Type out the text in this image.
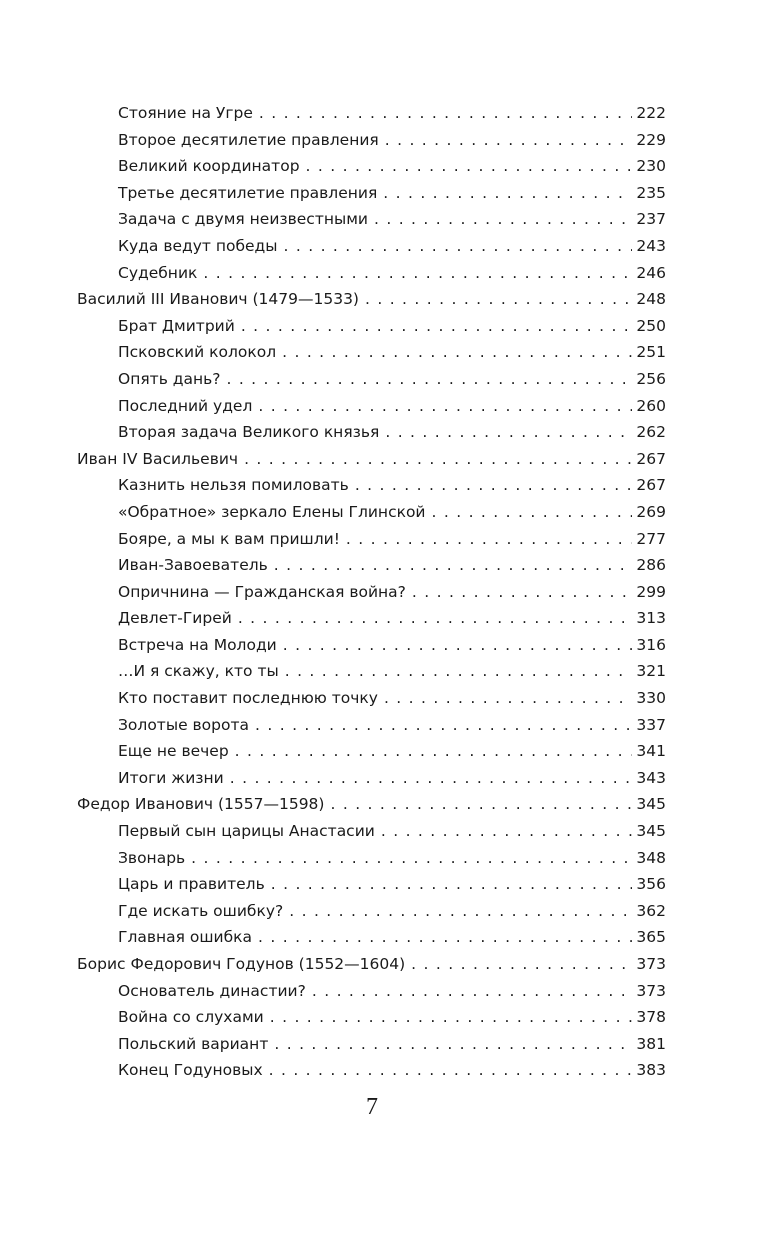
Стояние на Угре . . .	222
Второе десятилетие правления . . .	229
Великий координатор . . .	230
Третье десятилетие правления . . .	235
Задача с двумя неизвестными . . .	237
Куда ведут победы . . .	243
Судебник . . .	246
Василий III Иванович (1479—1533) . . .	248
Брат Дмитрий . . .	250
Псковский колокол . . .	251
Опять дань? . . .	256
Последний удел . . .	260
Вторая задача Великого князья . . .	262
Иван IV Васильевич . . .	267
Казнить нельзя помиловать . . .	267
«Обратное» зеркало Елены Глинской . . .	269
Бояре, а мы к вам пришли! . . .	277
Иван-Завоеватель . . .	286
Опричнина — Гражданская война? . . .	299
Девлет-Гирей . . .	313
Встреча на Молоди . . .	316
…И я скажу, кто ты . . .	321
Кто поставит последнюю точку . . .	330
Золотые ворота . . .	337
Еще не вечер . . .	341
Итоги жизни . . .	343
Федор Иванович (1557—1598) . . .	345
Первый сын царицы Анастасии . . .	345
Звонарь . . .	348
Царь и правитель . . .	356
Где искать ошибку? . . .	362
Главная ошибка . . .	365
Борис Федорович Годунов (1552—1604) . . .	373
Основатель династии? . . .	373
Война со слухами . . .	378
Польский вариант . . .	381
Конец Годуновых . . .	383
7
